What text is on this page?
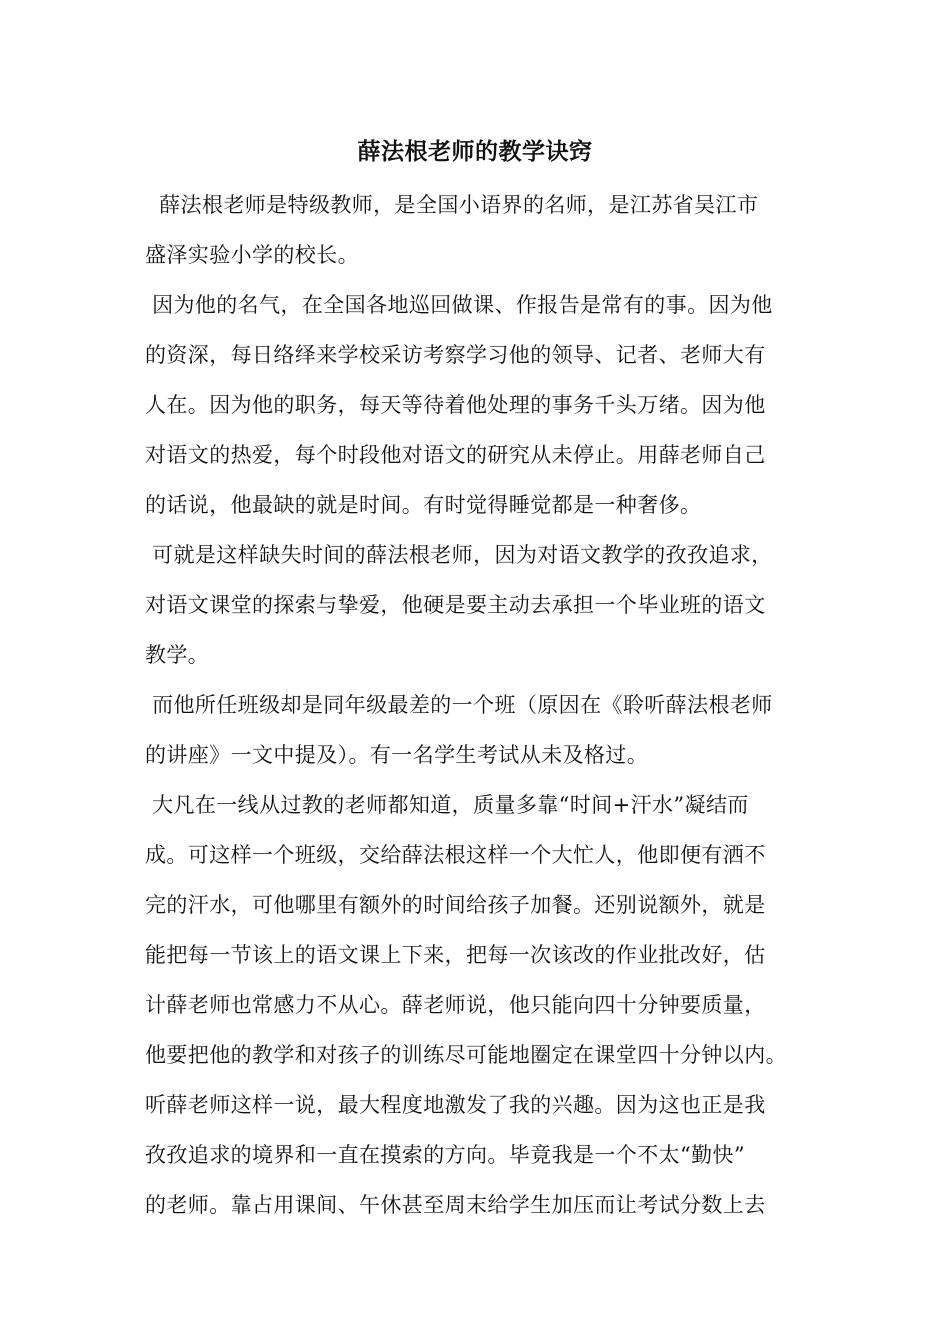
薛法根老师的教学诀窍
薛法根老师是特级教师，是全国小语界的名师，是江苏省吴江市
盛泽实验小学的校长。
因为他的名气，在全国各地巡回做课、作报告是常有的事。因为他
的资深，每日络绎来学校采访考察学习他的领导、记者、老师大有
人在。因为他的职务，每天等待着他处理的事务千头万绪。因为他
对语文的热爱，每个时段他对语文的研究从未停止。用薛老师自己
的话说，他最缺的就是时间。有时觉得睡觉都是一种奢侈。
可就是这样缺失时间的薛法根老师，因为对语文教学的孜孜追求，
对语文课堂的探索与挚爱，他硬是要主动去承担一个毕业班的语文
教学。
而他所任班级却是同年级最差的一个班（原因在《聆听薛法根老师
的讲座》一文中提及）。有一名学生考试从未及格过。
大凡在一线从过教的老师都知道，质量多靠“时间+汗水”凝结而
成。可这样一个班级，交给薛法根这样一个大忙人，他即便有洒不
完的汗水，可他哪里有额外的时间给孩子加餐。还别说额外，就是
能把每一节该上的语文课上下来，把每一次该改的作业批改好，估
计薛老师也常感力不从心。薛老师说，他只能向四十分钟要质量，
他要把他的教学和对孩子的训练尽可能地圈定在课堂四十分钟以内。
听薛老师这样一说，最大程度地激发了我的兴趣。因为这也正是我
孜孜追求的境界和一直在摸索的方向。毕竟我是一个不太“勤快”
的老师。靠占用课间、午休甚至周末给学生加压而让考试分数上去
